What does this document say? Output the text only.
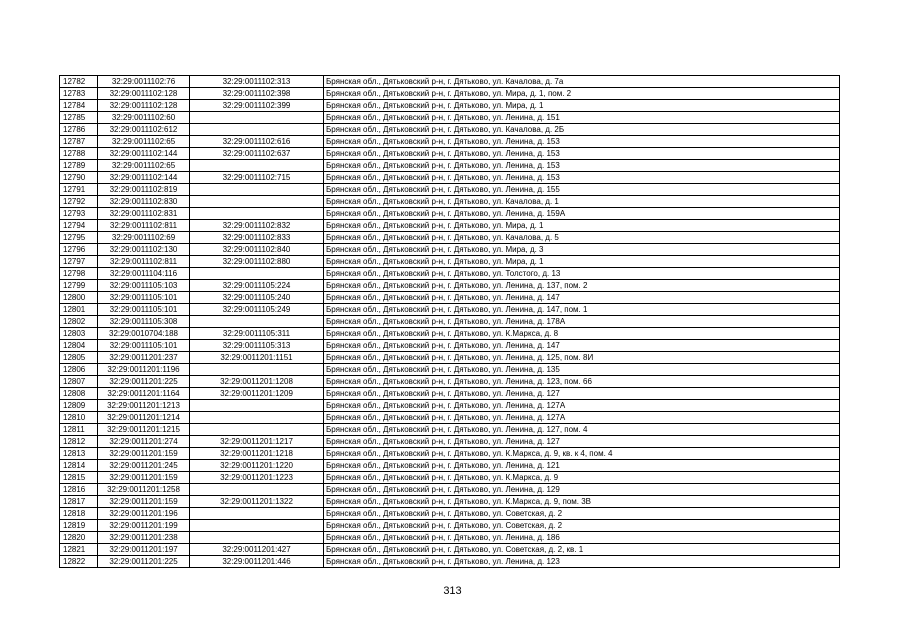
12782	32:29:0011102:76	32:29:0011102:313	Брянская обл., Дятьковский р-н, г. Дятьково, ул. Качалова, д. 7а
12783	32:29:0011102:128	32:29:0011102:398	Брянская обл., Дятьковский р-н, г. Дятьково, ул. Мира, д. 1, пом. 2
12784	32:29:0011102:128	32:29:0011102:399	Брянская обл., Дятьковский р-н, г. Дятьково, ул. Мира, д. 1
12785	32:29:0011102:60		Брянская обл., Дятьковский р-н, г. Дятьково, ул. Ленина, д. 151
12786	32:29:0011102:612		Брянская обл., Дятьковский р-н, г. Дятьково, ул. Качалова, д. 2Б
12787	32:29:0011102:65	32:29:0011102:616	Брянская обл., Дятьковский р-н, г. Дятьково, ул. Ленина, д. 153
12788	32:29:0011102:144	32:29:0011102:637	Брянская обл., Дятьковский р-н, г. Дятьково, ул. Ленина, д. 153
12789	32:29:0011102:65		Брянская обл., Дятьковский р-н, г. Дятьково, ул. Ленина, д. 153
12790	32:29:0011102:144	32:29:0011102:715	Брянская обл., Дятьковский р-н, г. Дятьково, ул. Ленина, д. 153
12791	32:29:0011102:819		Брянская обл., Дятьковский р-н, г. Дятьково, ул. Ленина, д. 155
12792	32:29:0011102:830		Брянская обл., Дятьковский р-н, г. Дятьково, ул. Качалова, д. 1
12793	32:29:0011102:831		Брянская обл., Дятьковский р-н, г. Дятьково, ул. Ленина, д. 159А
12794	32:29:0011102:811	32:29:0011102:832	Брянская обл., Дятьковский р-н, г. Дятьково, ул. Мира, д. 1
12795	32:29:0011102:69	32:29:0011102:833	Брянская обл., Дятьковский р-н, г. Дятьково, ул. Качалова, д. 5
12796	32:29:0011102:130	32:29:0011102:840	Брянская обл., Дятьковский р-н, г. Дятьково, ул. Мира, д. 3
12797	32:29:0011102:811	32:29:0011102:880	Брянская обл., Дятьковский р-н, г. Дятьково, ул. Мира, д. 1
12798	32:29:0011104:116		Брянская обл., Дятьковский р-н, г. Дятьково, ул. Толстого, д. 13
12799	32:29:0011105:103	32:29:0011105:224	Брянская обл., Дятьковский р-н, г. Дятьково, ул. Ленина, д. 137, пом. 2
12800	32:29:0011105:101	32:29:0011105:240	Брянская обл., Дятьковский р-н, г. Дятьково, ул. Ленина, д. 147
12801	32:29:0011105:101	32:29:0011105:249	Брянская обл., Дятьковский р-н, г. Дятьково, ул. Ленина, д. 147, пом. 1
12802	32:29:0011105:308		Брянская обл., Дятьковский р-н, г. Дятьково, ул. Ленина, д. 178А
12803	32:29:0010704:188	32:29:0011105:311	Брянская обл., Дятьковский р-н, г. Дятьково, ул. К.Маркса, д. 8
12804	32:29:0011105:101	32:29:0011105:313	Брянская обл., Дятьковский р-н, г. Дятьково, ул. Ленина, д. 147
12805	32:29:0011201:237	32:29:0011201:1151	Брянская обл., Дятьковский р-н, г. Дятьково, ул. Ленина, д. 125, пом. 8И
12806	32:29:0011201:1196		Брянская обл., Дятьковский р-н, г. Дятьково, ул. Ленина, д. 135
12807	32:29:0011201:225	32:29:0011201:1208	Брянская обл., Дятьковский р-н, г. Дятьково, ул. Ленина, д. 123, пом. 66
12808	32:29:0011201:1164	32:29:0011201:1209	Брянская обл., Дятьковский р-н, г. Дятьково, ул. Ленина, д. 127
12809	32:29:0011201:1213		Брянская обл., Дятьковский р-н, г. Дятьково, ул. Ленина, д. 127А
12810	32:29:0011201:1214		Брянская обл., Дятьковский р-н, г. Дятьково, ул. Ленина, д. 127А
12811	32:29:0011201:1215		Брянская обл., Дятьковский р-н, г. Дятьково, ул. Ленина, д. 127, пом. 4
12812	32:29:0011201:274	32:29:0011201:1217	Брянская обл., Дятьковский р-н, г. Дятьково, ул. Ленина, д. 127
12813	32:29:0011201:159	32:29:0011201:1218	Брянская обл., Дятьковский р-н, г. Дятьково, ул. К.Маркса, д. 9, кв. к 4, пом. 4
12814	32:29:0011201:245	32:29:0011201:1220	Брянская обл., Дятьковский р-н, г. Дятьково, ул. Ленина, д. 121
12815	32:29:0011201:159	32:29:0011201:1223	Брянская обл., Дятьковский р-н, г. Дятьково, ул. К.Маркса, д. 9
12816	32:29:0011201:1258		Брянская обл., Дятьковский р-н, г. Дятьково, ул. Ленина, д. 129
12817	32:29:0011201:159	32:29:0011201:1322	Брянская обл., Дятьковский р-н, г. Дятьково, ул. К.Маркса, д. 9, пом. 3В
12818	32:29:0011201:196		Брянская обл., Дятьковский р-н, г. Дятьково, ул. Советская, д. 2
12819	32:29:0011201:199		Брянская обл., Дятьковский р-н, г. Дятьково, ул. Советская, д. 2
12820	32:29:0011201:238		Брянская обл., Дятьковский р-н, г. Дятьково, ул. Ленина, д. 186
12821	32:29:0011201:197	32:29:0011201:427	Брянская обл., Дятьковский р-н, г. Дятьково, ул. Советская, д. 2, кв. 1
12822	32:29:0011201:225	32:29:0011201:446	Брянская обл., Дятьковский р-н, г. Дятьково, ул. Ленина, д. 123
313
